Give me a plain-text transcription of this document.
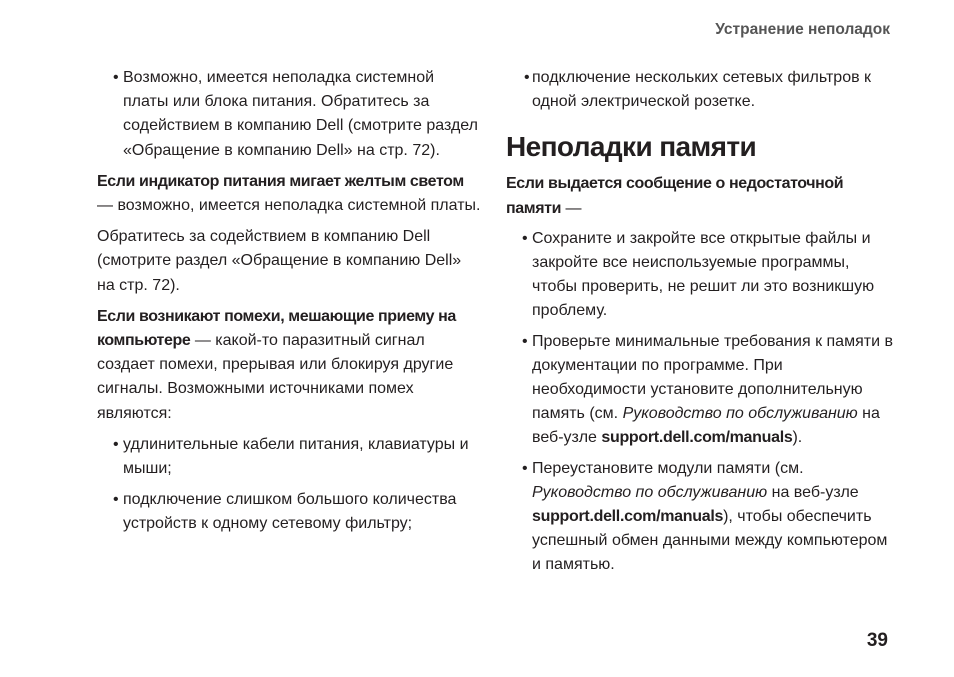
Устранение неполадок

• Возможно, имеется неполадка системной платы или блока питания. Обратитесь за содействием в компанию Dell (смотрите раздел «Обращение в компанию Dell» на стр. 72).

Если индикатор питания мигает желтым светом — возможно, имеется неполадка системной платы.

Обратитесь за содействием в компанию Dell (смотрите раздел «Обращение в компанию Dell» на стр. 72).

Если возникают помехи, мешающие приему на компьютере — какой-то паразитный сигнал создает помехи, прерывая или блокируя другие сигналы. Возможными источниками помех являются:

• удлинительные кабели питания, клавиатуры и мыши;

• подключение слишком большого количества устройств к одному сетевому фильтру;

• подключение нескольких сетевых фильтров к одной электрической розетке.

Неполадки памяти

Если выдается сообщение о недостаточной памяти —

• Сохраните и закройте все открытые файлы и закройте все неиспользуемые программы, чтобы проверить, не решит ли это возникшую проблему.

• Проверьте минимальные требования к памяти в документации по программе. При необходимости установите дополнительную память (см. Руководство по обслуживанию на веб-узле support.dell.com/manuals).

• Переустановите модули памяти (см. Руководство по обслуживанию на веб-узле support.dell.com/manuals), чтобы обеспечить успешный обмен данными между компьютером и памятью.

39
